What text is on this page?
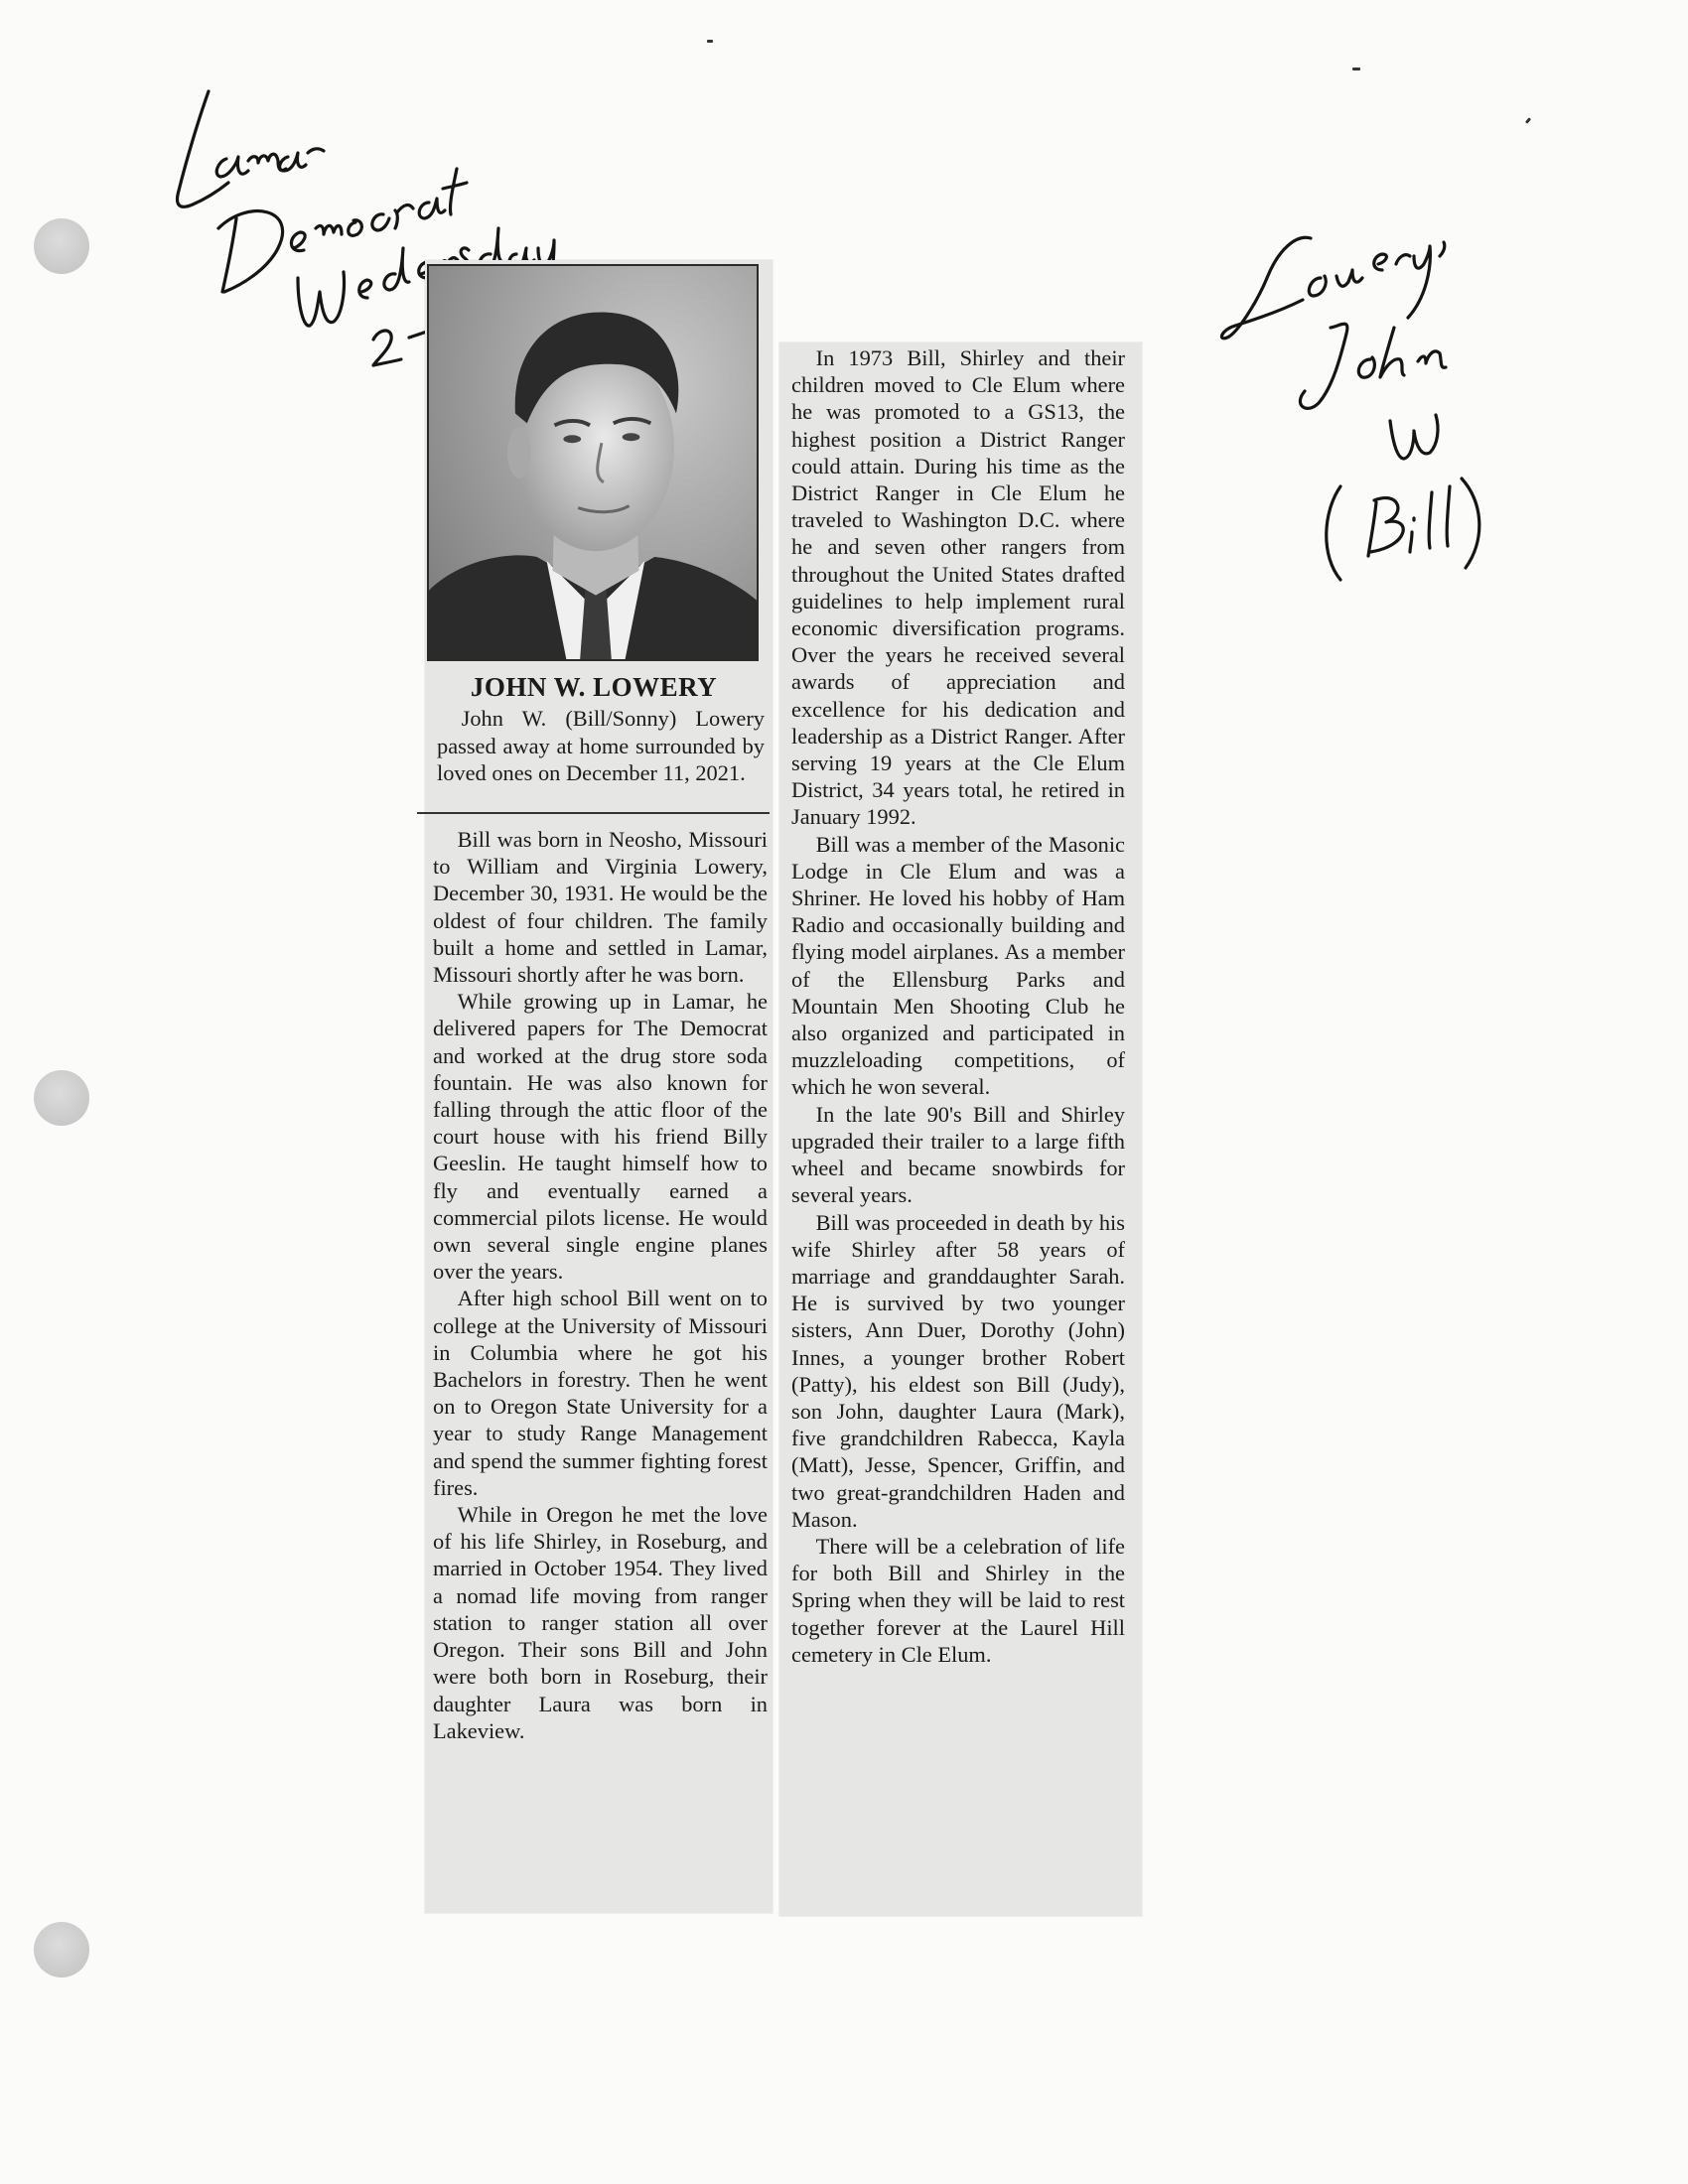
JOHN W. LOWERY

John W. (Bill/Sonny) Lowery passed away at home surrounded by loved ones on December 11, 2021.

Bill was born in Neosho, Missouri to William and Virginia Lowery, December 30, 1931. He would be the oldest of four children. The family built a home and settled in Lamar, Missouri shortly after he was born.

While growing up in Lamar, he delivered papers for The Democrat and worked at the drug store soda fountain. He was also known for falling through the attic floor of the court house with his friend Billy Geeslin. He taught himself how to fly and eventually earned a commercial pilots license. He would own several single engine planes over the years.

After high school Bill went on to college at the University of Missouri in Columbia where he got his Bachelors in forestry. Then he went on to Oregon State University for a year to study Range Management and spend the summer fighting forest fires.

While in Oregon he met the love of his life Shirley, in Roseburg, and married in October 1954. They lived a nomad life moving from ranger station to ranger station all over Oregon. Their sons Bill and John were both born in Roseburg, their daughter Laura was born in Lakeview.

In 1973 Bill, Shirley and their children moved to Cle Elum where he was promoted to a GS13, the highest position a District Ranger could attain. During his time as the District Ranger in Cle Elum he traveled to Washington D.C. where he and seven other rangers from throughout the United States drafted guidelines to help implement rural economic diversification programs. Over the years he received several awards of appreciation and excellence for his dedication and leadership as a District Ranger. After serving 19 years at the Cle Elum District, 34 years total, he retired in January 1992.

Bill was a member of the Masonic Lodge in Cle Elum and was a Shriner. He loved his hobby of Ham Radio and occasionally building and flying model airplanes. As a member of the Ellensburg Parks and Mountain Men Shooting Club he also organized and participated in muzzleloading competitions, of which he won several.

In the late 90's Bill and Shirley upgraded their trailer to a large fifth wheel and became snowbirds for several years.

Bill was proceeded in death by his wife Shirley after 58 years of marriage and granddaughter Sarah. He is survived by two younger sisters, Ann Duer, Dorothy (John) Innes, a younger brother Robert (Patty), his eldest son Bill (Judy), son John, daughter Laura (Mark), five grandchildren Rabecca, Kayla (Matt), Jesse, Spencer, Griffin, and two great-grandchildren Haden and Mason.

There will be a celebration of life for both Bill and Shirley in the Spring when they will be laid to rest together forever at the Laurel Hill cemetery in Cle Elum.
